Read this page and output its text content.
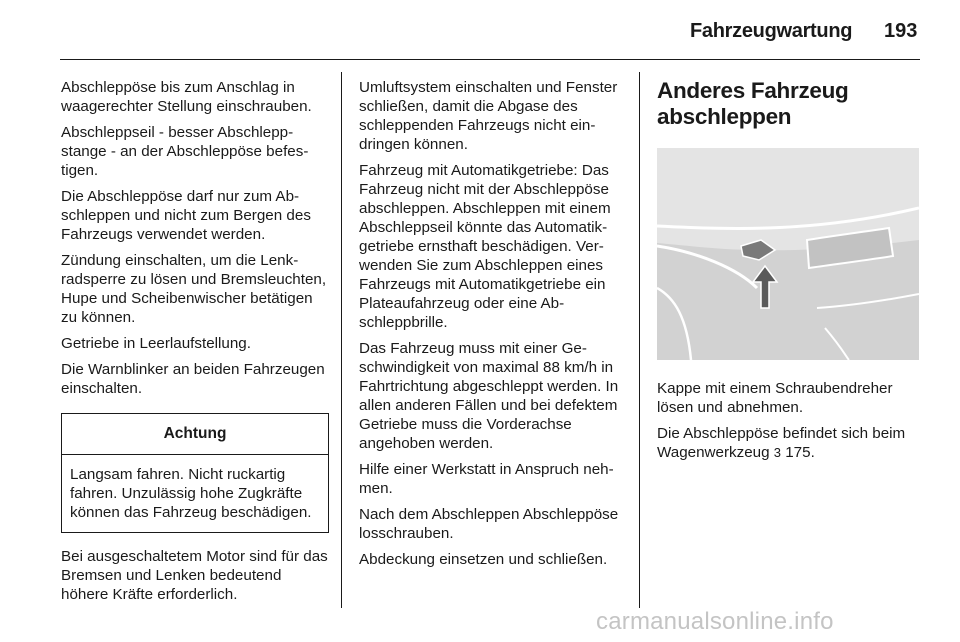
Fahrzeugwartung 193

Abschleppöse bis zum Anschlag in waagerechter Stellung einschrauben.

Abschleppseil - besser Abschleppstange - an der Abschleppöse befestigen.

Die Abschleppöse darf nur zum Abschleppen und nicht zum Bergen des Fahrzeugs verwendet werden.

Zündung einschalten, um die Lenkradsperre zu lösen und Bremsleuchten, Hupe und Scheibenwischer betätigen zu können.

Getriebe in Leerlaufstellung.

Die Warnblinker an beiden Fahrzeugen einschalten.

Achtung
Langsam fahren. Nicht ruckartig fahren. Unzulässig hohe Zugkräfte können das Fahrzeug beschädigen.

Bei ausgeschaltetem Motor sind für das Bremsen und Lenken bedeutend höhere Kräfte erforderlich.

Umluftsystem einschalten und Fenster schließen, damit die Abgase des schleppenden Fahrzeugs nicht eindringen können.

Fahrzeug mit Automatikgetriebe: Das Fahrzeug nicht mit der Abschleppöse abschleppen. Abschleppen mit einem Abschleppseil könnte das Automatikgetriebe ernsthaft beschädigen. Verwenden Sie zum Abschleppen eines Fahrzeugs mit Automatikgetriebe ein Plateaufahrzeug oder eine Abschleppbrille.

Das Fahrzeug muss mit einer Geschwindigkeit von maximal 88 km/h in Fahrtrichtung abgeschleppt werden. In allen anderen Fällen und bei defektem Getriebe muss die Vorderachse angehoben werden.

Hilfe einer Werkstatt in Anspruch nehmen.

Nach dem Abschleppen Abschleppöse losschrauben.

Abdeckung einsetzen und schließen.

Anderes Fahrzeug abschleppen

Kappe mit einem Schraubendreher lösen und abnehmen.

Die Abschleppöse befindet sich beim Wagenwerkzeug 3 175.

carmanualsonline.info
